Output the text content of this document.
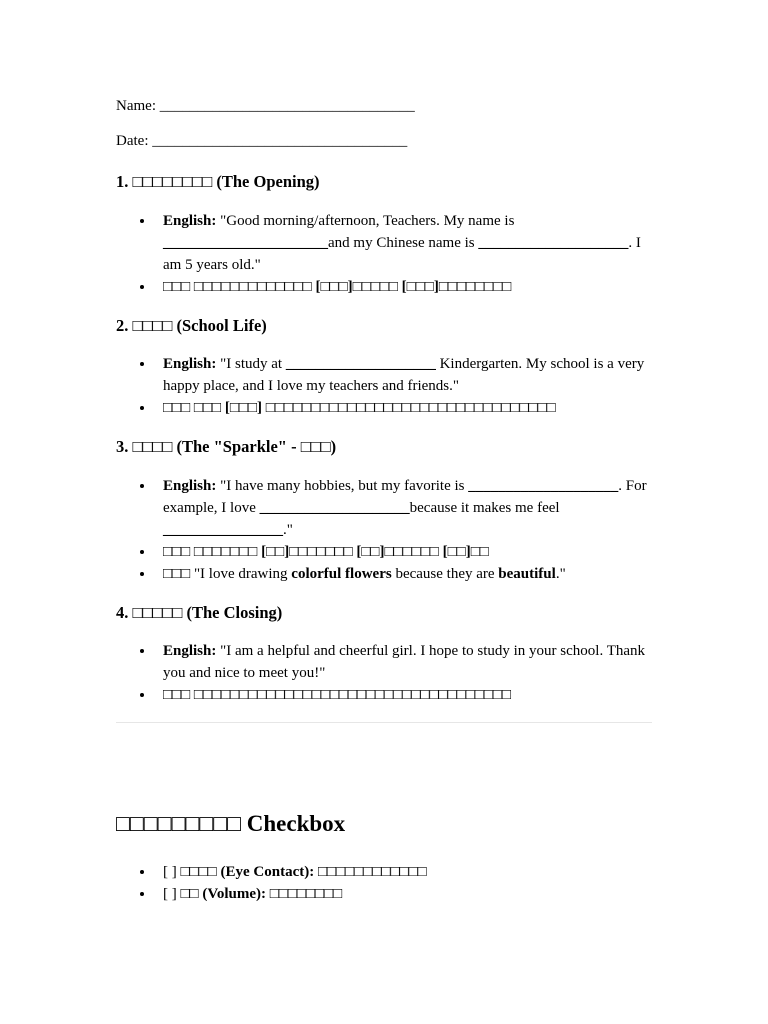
Name: __________________________________
Date: __________________________________
1. □□□□□□□□ (The Opening)
English: "Good morning/afternoon, Teachers. My name is ______________________and my Chinese name is ____________________. I am 5 years old."
□□□ □□□□□□□□□□□□□ [□□□]□□□□□ [□□□]□□□□□□□□
2. □□□□ (School Life)
English: "I study at ____________________ Kindergarten. My school is a very happy place, and I love my teachers and friends."
□□□ □□□ [□□□] □□□□□□□□□□□□□□□□□□□□□□□□□□□□□□□□
3. □□□□ (The "Sparkle" - □□□)
English: "I have many hobbies, but my favorite is ____________________. For example, I love ____________________because it makes me feel ________________."
□□□ □□□□□□□ [□□]□□□□□□□ [□□]□□□□□□ [□□]□□
□□□ "I love drawing colorful flowers because they are beautiful."
4. □□□□□ (The Closing)
English: "I am a helpful and cheerful girl. I hope to study in your school. Thank you and nice to meet you!"
□□□ □□□□□□□□□□□□□□□□□□□□□□□□□□□□□□□□□□□
□□□□□□□□□ Checkbox
[ ] □□□□ (Eye Contact): □□□□□□□□□□□□
[ ] □□ (Volume): □□□□□□□□
